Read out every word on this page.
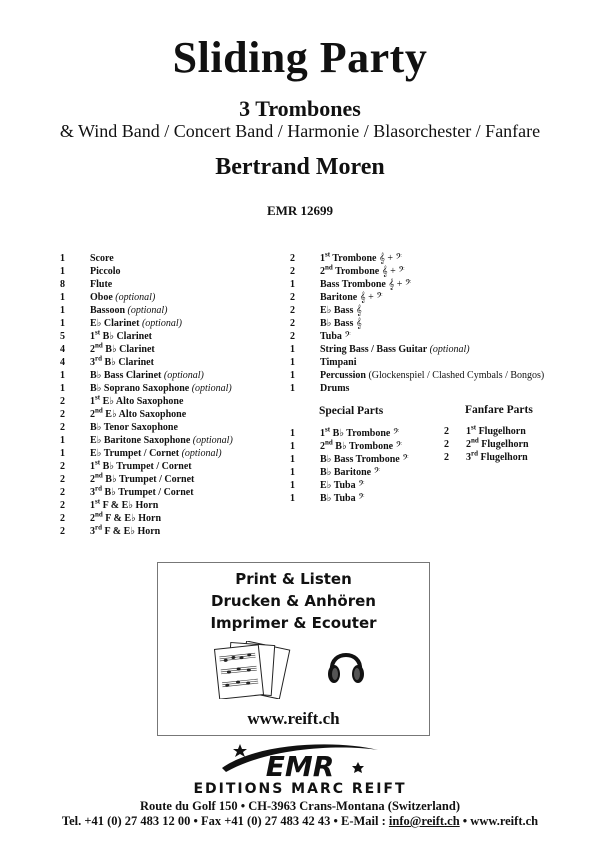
Sliding Party
3 Trombones
& Wind Band / Concert Band / Harmonie / Blasorchester / Fanfare
Bertrand Moren
EMR 12699
1	Score
1	Piccolo
8	Flute
1	Oboe (optional)
1	Bassoon (optional)
1	E♭ Clarinet (optional)
5	1st B♭ Clarinet
4	2nd B♭ Clarinet
4	3rd B♭ Clarinet
1	B♭ Bass Clarinet (optional)
1	B♭ Soprano Saxophone (optional)
2	1st E♭ Alto Saxophone
2	2nd E♭ Alto Saxophone
2	B♭ Tenor Saxophone
1	E♭ Baritone Saxophone (optional)
1	E♭ Trumpet / Cornet (optional)
2	1st B♭ Trumpet / Cornet
2	2nd B♭ Trumpet / Cornet
2	3rd B♭ Trumpet / Cornet
2	1st F & E♭ Horn
2	2nd F & E♭ Horn
2	3rd F & E♭ Horn
2	1st Trombone 𝄞 + 𝄢
2	2nd Trombone 𝄞 + 𝄢
1	Bass Trombone 𝄞 + 𝄢
2	Baritone 𝄞 + 𝄢
2	E♭ Bass 𝄞
2	B♭ Bass 𝄞
2	Tuba 𝄢
1	String Bass / Bass Guitar (optional)
1	Timpani
1	Percussion (Glockenspiel / Clashed Cymbals / Bongos)
1	Drums
Special Parts
1	1st B♭ Trombone 𝄢
1	2nd B♭ Trombone 𝄢
1	B♭ Bass Trombone 𝄢
1	B♭ Baritone 𝄢
1	E♭ Tuba 𝄢
1	B♭ Tuba 𝄢
Fanfare Parts
2	1st Flugelhorn
2	2nd Flugelhorn
2	3rd Flugelhorn
Print & Listen
Drucken & Anhören
Imprimer & Ecouter
www.reift.ch
EMR
EDITIONS MARC REIFT
Route du Golf 150 • CH-3963 Crans-Montana (Switzerland)
Tel. +41 (0) 27 483 12 00 • Fax +41 (0) 27 483 42 43 • E-Mail : info@reift.ch • www.reift.ch
